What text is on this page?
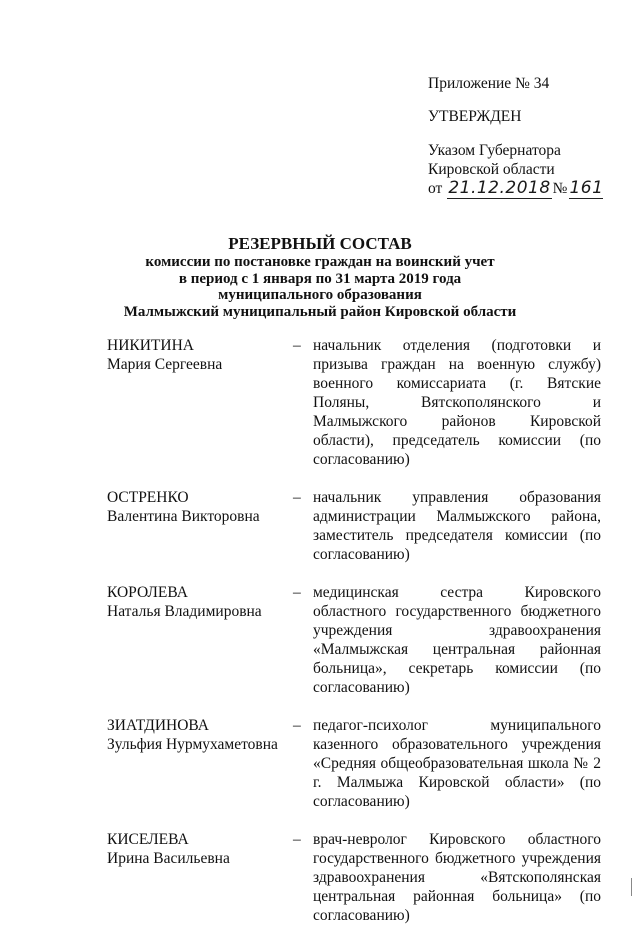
Приложение № 34
УТВЕРЖДЕН
Указом Губернатора
Кировской области
от 21.12.2018 № 161
РЕЗЕРВНЫЙ СОСТАВ
комиссии по постановке граждан на воинский учет
в период с 1 января по 31 марта 2019 года
муниципального образования
Малмыжский муниципальный район Кировской области
НИКИТИНА
Мария Сергеевна
– начальник отделения (подготовки и призыва граждан на военную службу) военного комиссариата (г. Вятские Поляны, Вятскополянского и Малмыжского районов Кировской области), председатель комиссии (по согласованию)
ОСТРЕНКО
Валентина Викторовна
– начальник управления образования администрации Малмыжского района, заместитель председателя комиссии (по согласованию)
КОРОЛЕВА
Наталья Владимировна
– медицинская сестра Кировского областного государственного бюджетного учреждения здравоохранения «Малмыжская центральная районная больница», секретарь комиссии (по согласованию)
ЗИАТДИНОВА
Зульфия Нурмухаметовна
– педагог-психолог муниципального казенного образовательного учреждения «Средняя общеобразовательная школа № 2 г. Малмыжа Кировской области» (по согласованию)
КИСЕЛЕВА
Ирина Васильевна
– врач-невролог Кировского областного государственного бюджетного учреждения здравоохранения «Вятскополянская центральная районная больница» (по согласованию)
